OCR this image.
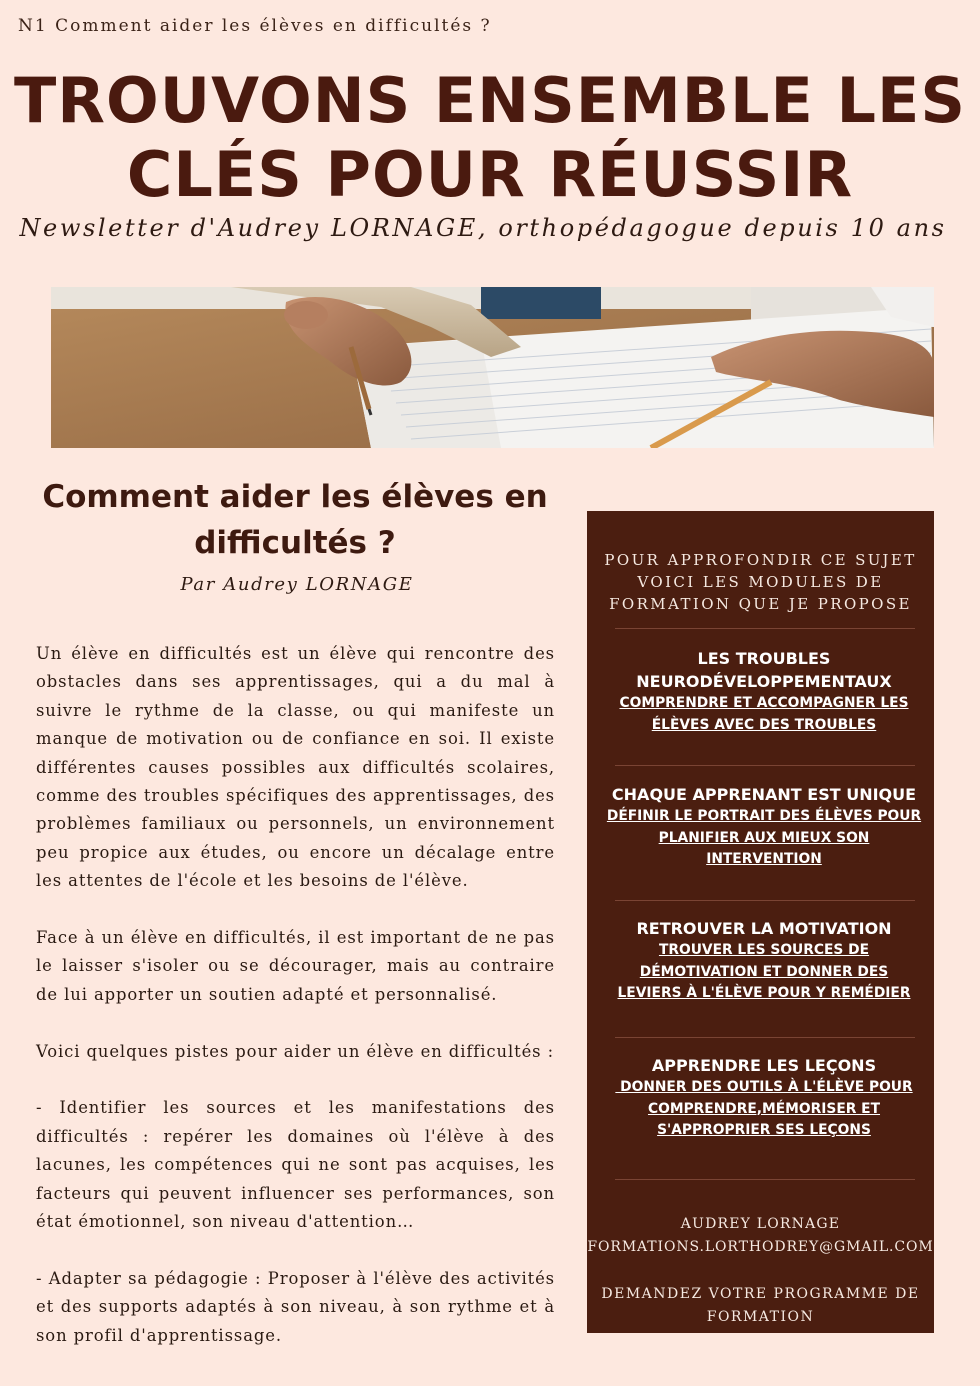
N1 Comment aider les élèves en difficultés ?
TROUVONS ENSEMBLE LES
CLÉS POUR RÉUSSIR
Newsletter d'Audrey LORNAGE, orthopédagogue depuis 10 ans
Comment aider les élèves en difficultés ?
Par Audrey LORNAGE

Un élève en difficultés est un élève qui rencontre des obstacles dans ses apprentissages, qui a du mal à suivre le rythme de la classe, ou qui manifeste un manque de motivation ou de confiance en soi. Il existe différentes causes possibles aux difficultés scolaires, comme des troubles spécifiques des apprentissages, des problèmes familiaux ou personnels, un environnement peu propice aux études, ou encore un décalage entre les attentes de l'école et les besoins de l'élève.

Face à un élève en difficultés, il est important de ne pas le laisser s'isoler ou se décourager, mais au contraire de lui apporter un soutien adapté et personnalisé.

Voici quelques pistes pour aider un élève en difficultés :

- Identifier les sources et les manifestations des difficultés : repérer les domaines où l'élève à des lacunes, les compétences qui ne sont pas acquises, les facteurs qui peuvent influencer ses performances, son état émotionnel, son niveau d'attention…

- Adapter sa pédagogie : Proposer à l'élève des activités et des supports adaptés à son niveau, à son rythme et à son profil d'apprentissage.

POUR APPROFONDIR CE SUJET
VOICI LES MODULES DE
FORMATION QUE JE PROPOSE
LES TROUBLES
NEURODÉVELOPPEMENTAUX
COMPRENDRE ET ACCOMPAGNER LES
ÉLÈVES AVEC DES TROUBLES
CHAQUE APPRENANT EST UNIQUE
DÉFINIR LE PORTRAIT DES ÉLÈVES POUR
PLANIFIER AUX MIEUX SON
INTERVENTION
RETROUVER LA MOTIVATION
TROUVER LES SOURCES DE
DÉMOTIVATION ET DONNER DES
LEVIERS À L'ÉLÈVE POUR Y REMÉDIER
APPRENDRE LES LEÇONS
DONNER DES OUTILS À L'ÉLÈVE POUR
COMPRENDRE,MÉMORISER ET
S'APPROPRIER SES LEÇONS
AUDREY LORNAGE
FORMATIONS.LORTHODREY@GMAIL.COM
DEMANDEZ VOTRE PROGRAMME DE
FORMATION
